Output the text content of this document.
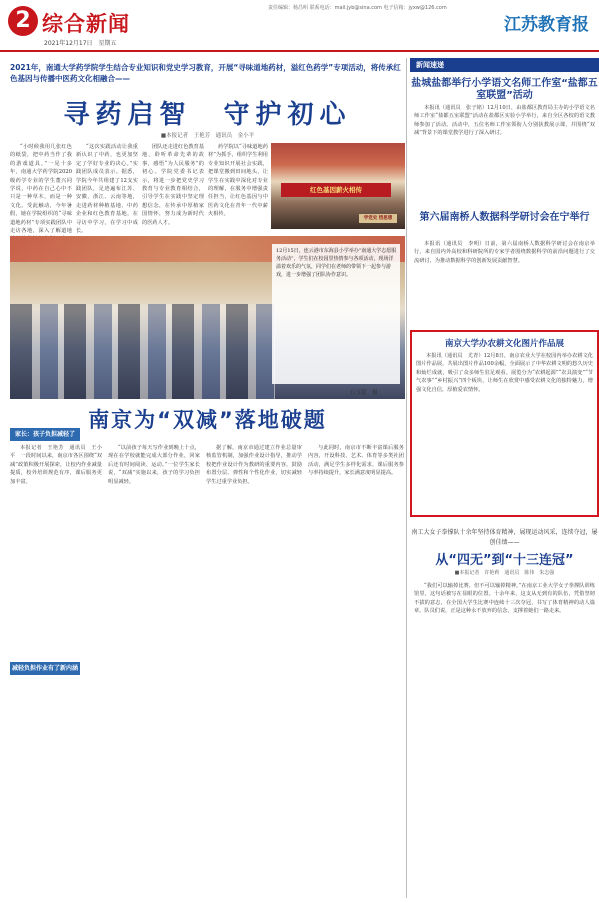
2 综合新闻
2021年12月17日　星期五
责任编辑：杨昌明 联系电话：mail.jyb@sina.com 电子信箱：jyxw@126.com
江苏教育报
2021年，南通大学药学院学生结合专业知识和党史学习教育，开展“寻味道地药材，溢红色药学”专项活动，将传承红色基因与传播中医药文化相融合——
寻药启智　守护初心
■本报记者　王艳芳　通讯员　金小平

“小时候我用几张红色的纸袋，把中药当作了我的游戏道具。”一晃十多年，南通大学药学院2020级药学专业的学生董兴同学说，中药在自己心中不只是一种草木，而是一种文化。受此触动，今年暑假，她在学院组织的“寻味道地药材”专项实践团队中走访各地，深入了解道地

“这次实践活动让我重新认识了中药，也更加坚定了学好专业的决心。”实践团队成员表示。据悉，学院今年共组建了12支实践团队，足迹遍布江苏、安徽、浙江、云南等地，走进药材种植基地、中药企业和红色教育基地，在寻访中学习，在学习中成长。

团队还走进红色教育基地，聆听革命先辈的故事，感悟“为人民服务”的初心。学院党委书记表示，将进一步把党史学习教育与专业教育相结合，引导学生在实践中坚定理想信念，在传承中厚植家国情怀，努力成为新时代的医药人才。

药学院以“寻味道地药材”为抓手，组织学生利用专业知识开展社会实践，把课堂搬到田间地头，让学生在实践中深化对专业的理解，在服务中增强责任担当，让红色基因与中医药文化在青年一代中薪火相传。

红色基因薪火相传
学党史 悟思想
12月15日，连云港市东海县小学举办“南通大学志愿服务活动”，学生们在校园里热情参与各项活动，现场洋溢着欢乐的气氛，同学们在老师的带领下一起参与游戏，进一步增强了团队协作意识。
石玉超　摄
南京为“双减”落地破题
家长：孩子负担减轻了
减轻负担作业有了新内涵

本报记者　王艳芳　通讯员　王小平　一段时间以来，南京市各区围绕“双减”政策积极开展探索，让校内作业减量提质，校外培训规范有序，课后服务更加丰富。

“以前孩子每天写作业到晚上十点，现在在学校就能完成大部分作业，回家后还有时间阅读、运动。”一位学生家长说，“双减”实施以来，孩子的学习负担明显减轻。

据了解，南京市通过建立作业总量审核监管机制，加强作业设计指导，推动学校把作业设计作为教研的重要内容，鼓励布置分层、弹性和个性化作业，切实减轻学生过重学业负担。

与此同时，南京市不断丰富课后服务内容，开设科技、艺术、体育等多类社团活动，满足学生多样化需求，课后服务参与率持续提升，家长满意度明显提高。

新闻速递
盐城盐都举行小学语文名师工作室“盐都五室联盟”活动

本报讯（通讯员　张子铭）12月10日，由盐都区教育局主办的小学语文名师工作室“盐都五室联盟”活动在盐都区实验小学举行，来自全区各校的语文教师参加了活动。活动中，五位名师工作室领衔人分别执教展示课，并围绕“双减”背景下的课堂教学进行了深入研讨。

第六届南桥人数据科学研讨会在宁举行

本报讯（通讯员　李明）日前，第六届南桥人数据科学研讨会在南京举行，来自国内外高校和科研院所的专家学者围绕数据科学的前沿问题进行了交流研讨，为推动数据科学的创新发展贡献智慧。

南京大学办农耕文化图片作品展

本报讯（通讯员　尤青）12月8日，南京农业大学在校园内举办农耕文化图片作品展，共展出图片作品100余幅，全面展示了中华农耕文明的悠久历史和灿烂成就，吸引了众多师生驻足观看。展览分为“农耕起源”“农具演变”“节气农事”“乡村振兴”四个板块，让师生在欣赏中感受农耕文化的独特魅力，增强文化自信，厚植爱农情怀。

南工大女子拳撑队十余年坚持体育精神，展现运动风采，连续夺冠，屡创佳绩——
从“四无”到“十三连冠”
■本报记者　许艳莉　通讯员　陈伟　朱志强

“我们可以输掉比赛，但不可以输掉精神。”在南京工业大学女子拳撑队训练馆里，这句话被写在显眼的位置。十余年来，这支从无到有的队伍，凭借坚韧不拔的意志，在全国大学生比赛中连续十三次夺冠，书写了体育精神的动人篇章。队员们说，正是这种永不放弃的信念，支撑着她们一路走来。
